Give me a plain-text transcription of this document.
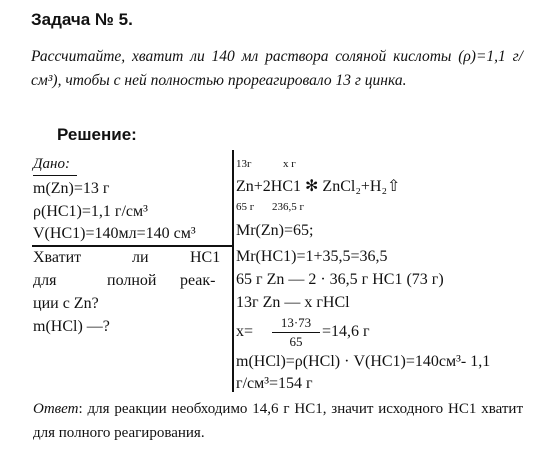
Задача № 5.
Рассчитайте, хватит ли 140 мл раствора соляной кислоты (ρ)=1,1 г/см³), чтобы с ней полностью прореагировало 13 г цинка.
Решение:
Дано:
m(Zn)=13 г
ρ(HC1)=1,1 г/см³
V(HC1)=140мл=140 см³
Хватит	ли	HC1
для	полной реак-
ции с Zn?
m(HCl) —?
13г	x г
Zn+2HC1 ✻ ZnCl₂+H₂⇧
65 г 236,5 г
Mr(Zn)=65;
Mr(HC1)=1+35,5=36,5
65 г Zn — 2 · 36,5 г HC1 (73 г)
13г Zn — x гHCl
x=
13·73
65
=14,6 г
m(HCl)=ρ(HCl) · V(HC1)=140см³- 1,1
г/см³=154 г
Ответ: для реакции необходимо 14,6 г HC1, значит исходного HC1 хватит для полного реагирования.
